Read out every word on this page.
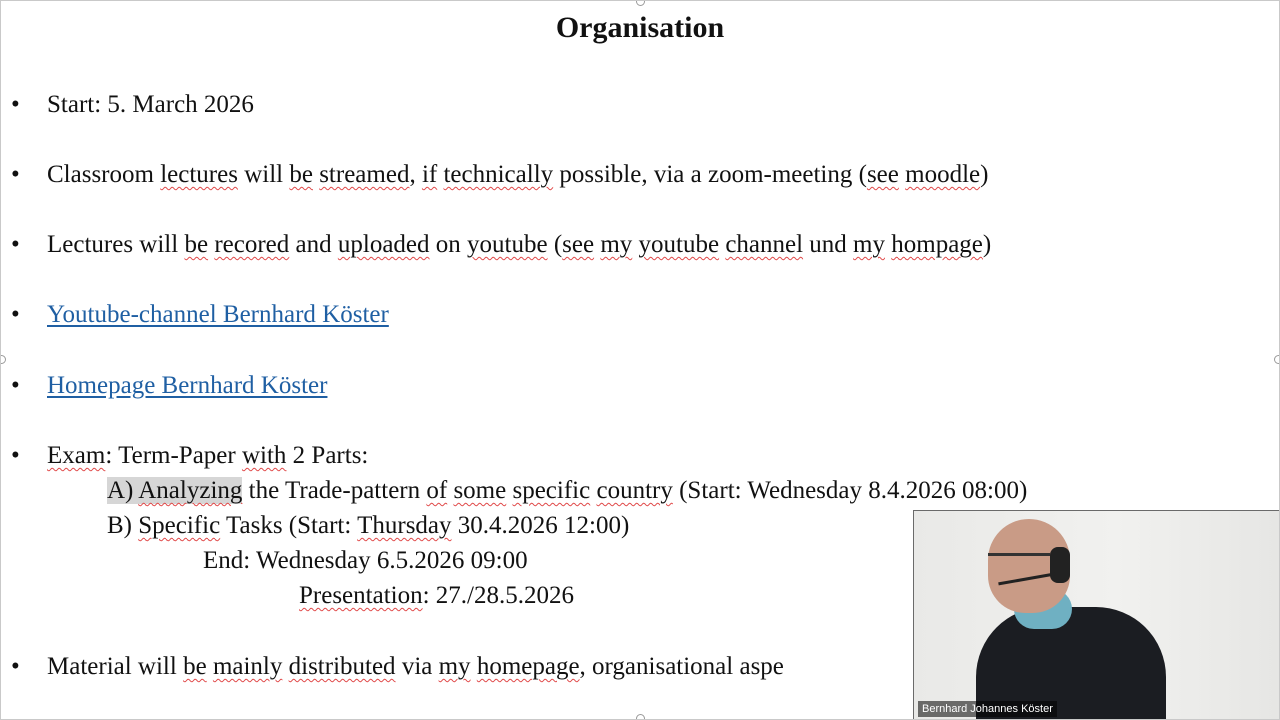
Organisation
• Start: 5. March 2026
• Classroom lectures will be streamed, if technically possible, via a zoom-meeting (see moodle)
• Lectures will be recored and uploaded on youtube (see my youtube channel und my hompage)
• Youtube-channel Bernhard Köster
• Homepage Bernhard Köster
• Exam: Term-Paper with 2 Parts:
A) Analyzing the Trade-pattern of some specific country (Start: Wednesday 8.4.2026 08:00)
B) Specific Tasks (Start: Thursday 30.4.2026 12:00)
End: Wednesday 6.5.2026 09:00
Presentation: 27./28.5.2026
• Material will be mainly distributed via my homepage, organisational aspe
Bernhard Johannes Köster
